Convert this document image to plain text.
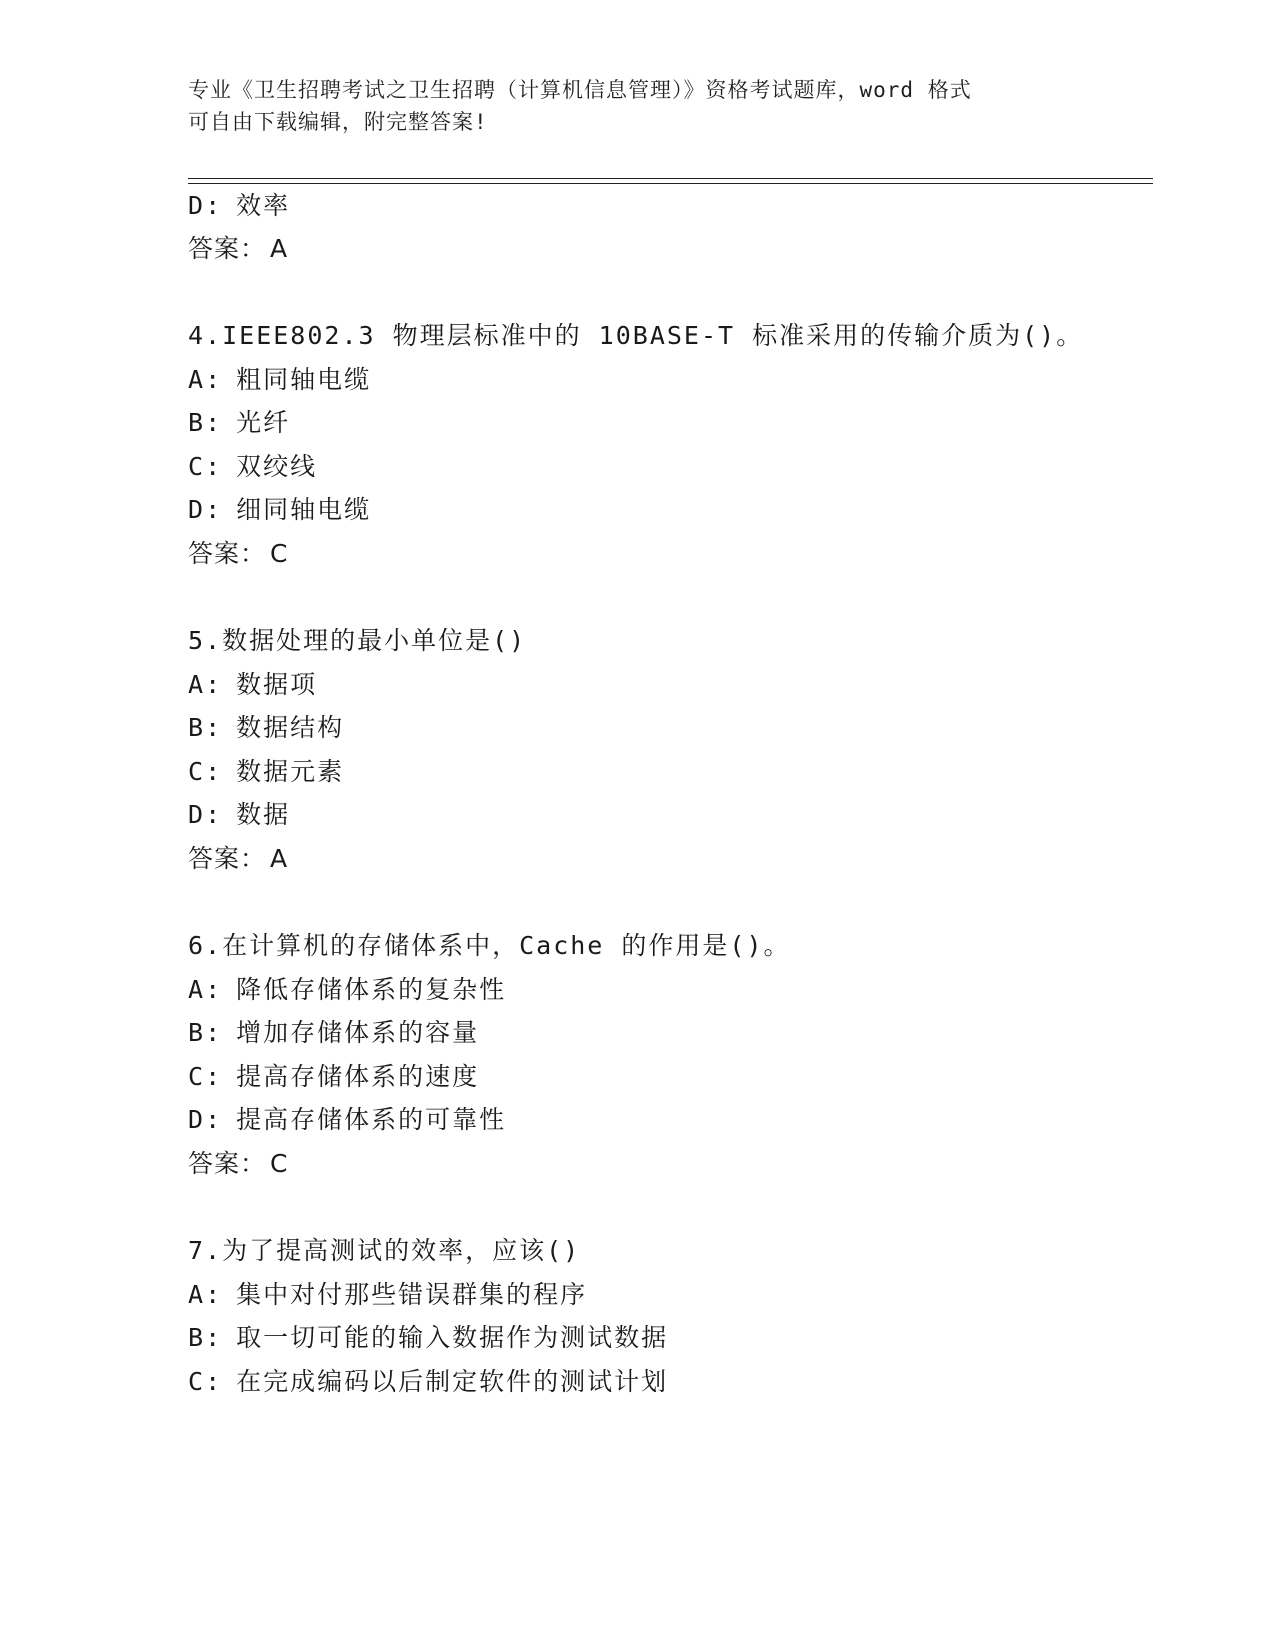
专业《卫生招聘考试之卫生招聘（计算机信息管理）》资格考试题库，word 格式
可自由下载编辑，附完整答案!
D: 效率
答案： A
4.IEEE802.3 物理层标准中的 10BASE-T 标准采用的传输介质为()。
A: 粗同轴电缆
B: 光纤
C: 双绞线
D: 细同轴电缆
答案： C
5.数据处理的最小单位是()
A: 数据项
B: 数据结构
C: 数据元素
D: 数据
答案： A
6.在计算机的存储体系中，Cache 的作用是()。
A: 降低存储体系的复杂性
B: 增加存储体系的容量
C: 提高存储体系的速度
D: 提高存储体系的可靠性
答案： C
7.为了提高测试的效率，应该()
A: 集中对付那些错误群集的程序
B: 取一切可能的输入数据作为测试数据
C: 在完成编码以后制定软件的测试计划
